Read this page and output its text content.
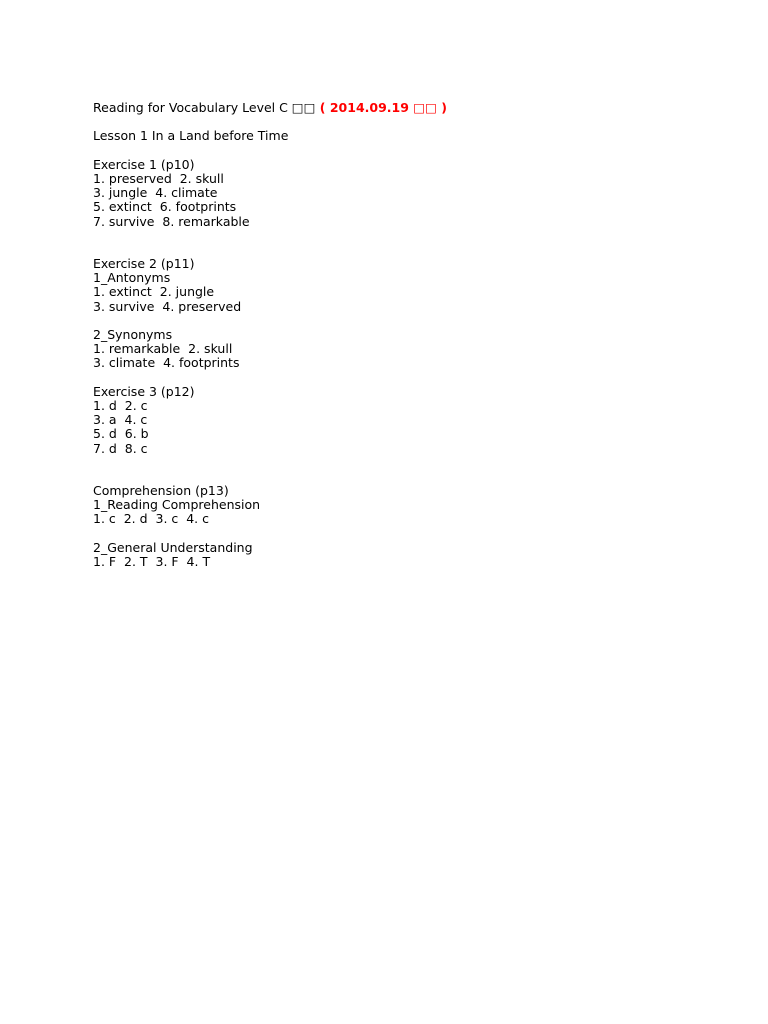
Reading for Vocabulary Level C □□ ( 2014.09.19 □□ )
Lesson 1 In a Land before Time
Exercise 1 (p10)
1. preserved  2. skull
3. jungle  4. climate
5. extinct  6. footprints
7. survive  8. remarkable
Exercise 2 (p11)
1_Antonyms
1. extinct  2. jungle
3. survive  4. preserved
2_Synonyms
1. remarkable  2. skull
3. climate  4. footprints
Exercise 3 (p12)
1. d  2. c
3. a  4. c
5. d  6. b
7. d  8. c
Comprehension (p13)
1_Reading Comprehension
1. c  2. d  3. c  4. c
2_General Understanding
1. F  2. T  3. F  4. T
